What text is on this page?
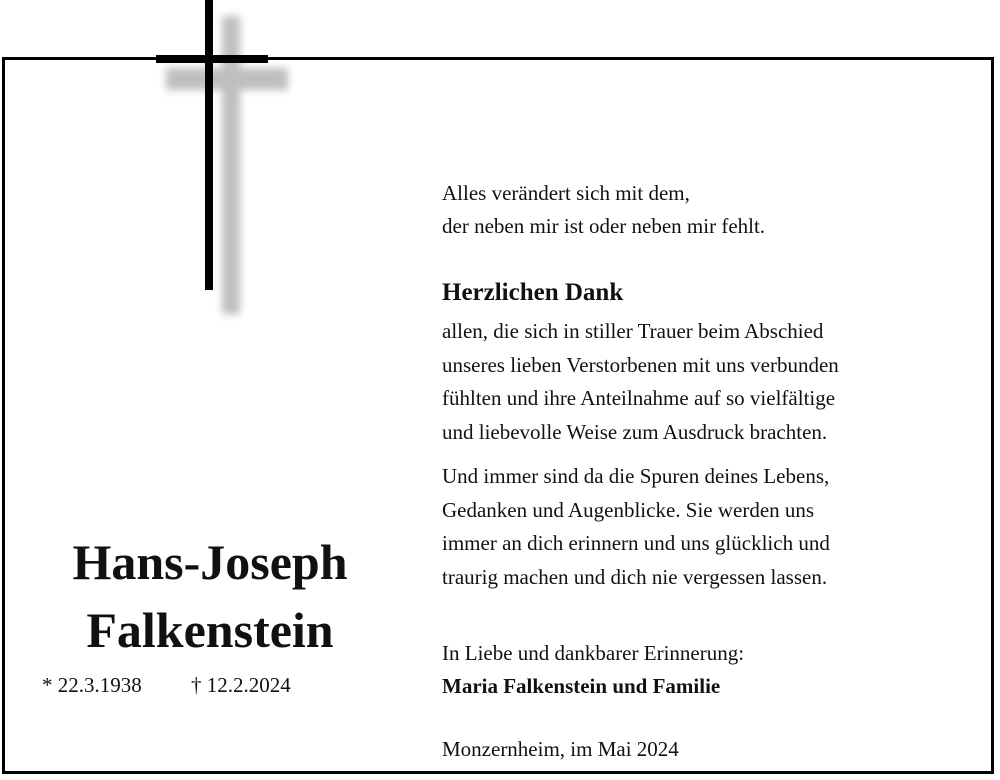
Alles verändert sich mit dem,
der neben mir ist oder neben mir fehlt.

Herzlichen Dank

allen, die sich in stiller Trauer beim Abschied
unseres lieben Verstorbenen mit uns verbunden
fühlten und ihre Anteilnahme auf so vielfältige
und liebevolle Weise zum Ausdruck brachten.

Und immer sind da die Spuren deines Lebens,
Gedanken und Augenblicke. Sie werden uns
immer an dich erinnern und uns glücklich und
traurig machen und dich nie vergessen lassen.

In Liebe und dankbarer Erinnerung:
Maria Falkenstein und Familie

Monzernheim, im Mai 2024

Hans-Joseph
Falkenstein

* 22.3.1938 † 12.2.2024
